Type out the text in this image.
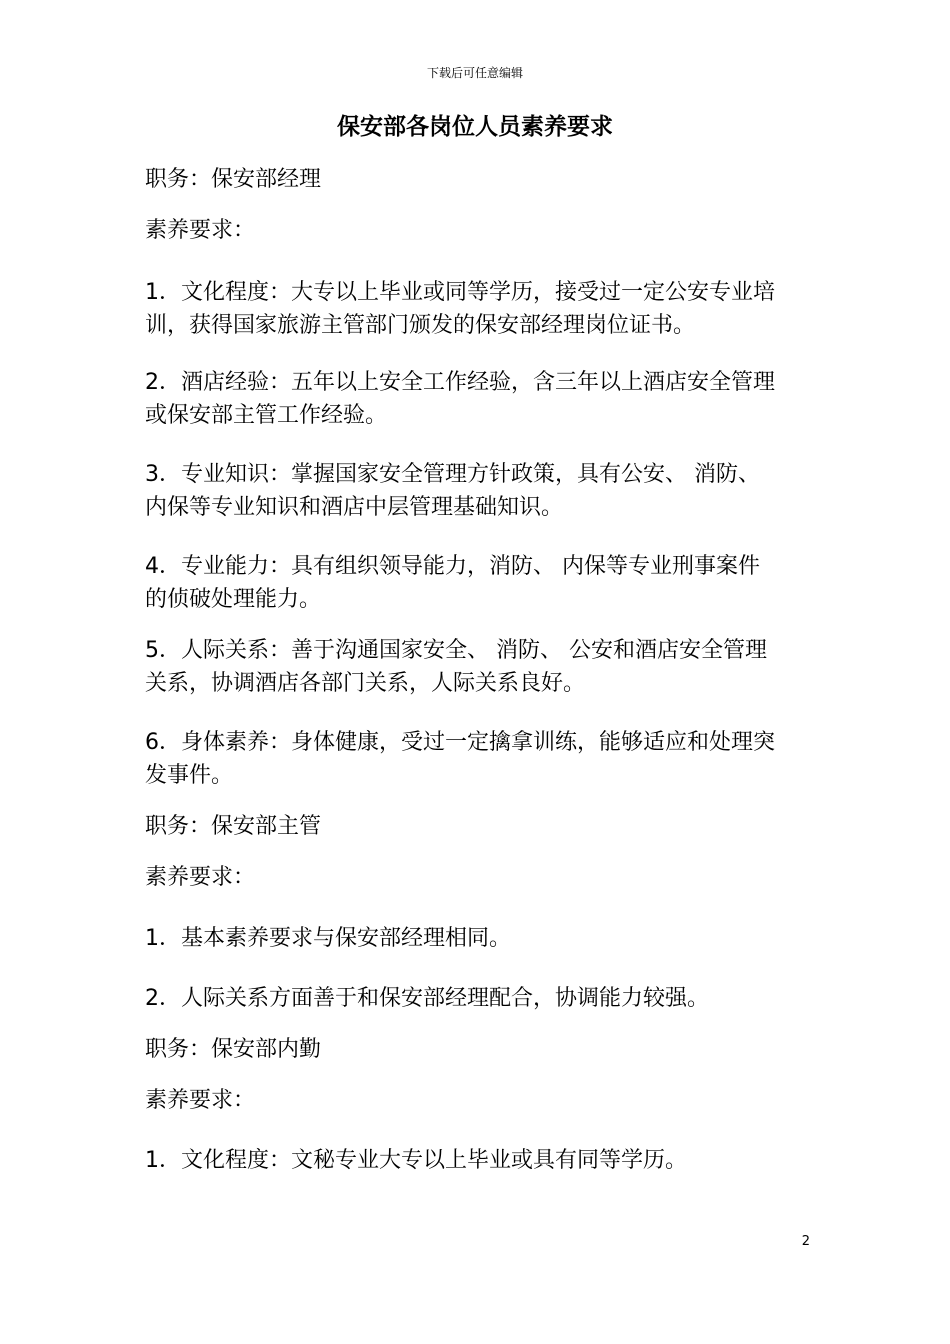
下载后可任意编辑
保安部各岗位人员素养要求

职务：保安部经理

素养要求：

1．文化程度：大专以上毕业或同等学历，接受过一定公安专业培
训，获得国家旅游主管部门颁发的保安部经理岗位证书。
2．酒店经验：五年以上安全工作经验，含三年以上酒店安全管理
或保安部主管工作经验。
3．专业知识：掌握国家安全管理方针政策，具有公安、 消防、
内保等专业知识和酒店中层管理基础知识。
4．专业能力：具有组织领导能力，消防、 内保等专业刑事案件
的侦破处理能力。
5．人际关系：善于沟通国家安全、 消防、 公安和酒店安全管理
关系，协调酒店各部门关系，人际关系良好。
6．身体素养：身体健康，受过一定擒拿训练，能够适应和处理突
发事件。

职务：保安部主管

素养要求：

1．基本素养要求与保安部经理相同。

2．人际关系方面善于和保安部经理配合，协调能力较强。

职务：保安部内勤

素养要求：

1．文化程度：文秘专业大专以上毕业或具有同等学历。

2
